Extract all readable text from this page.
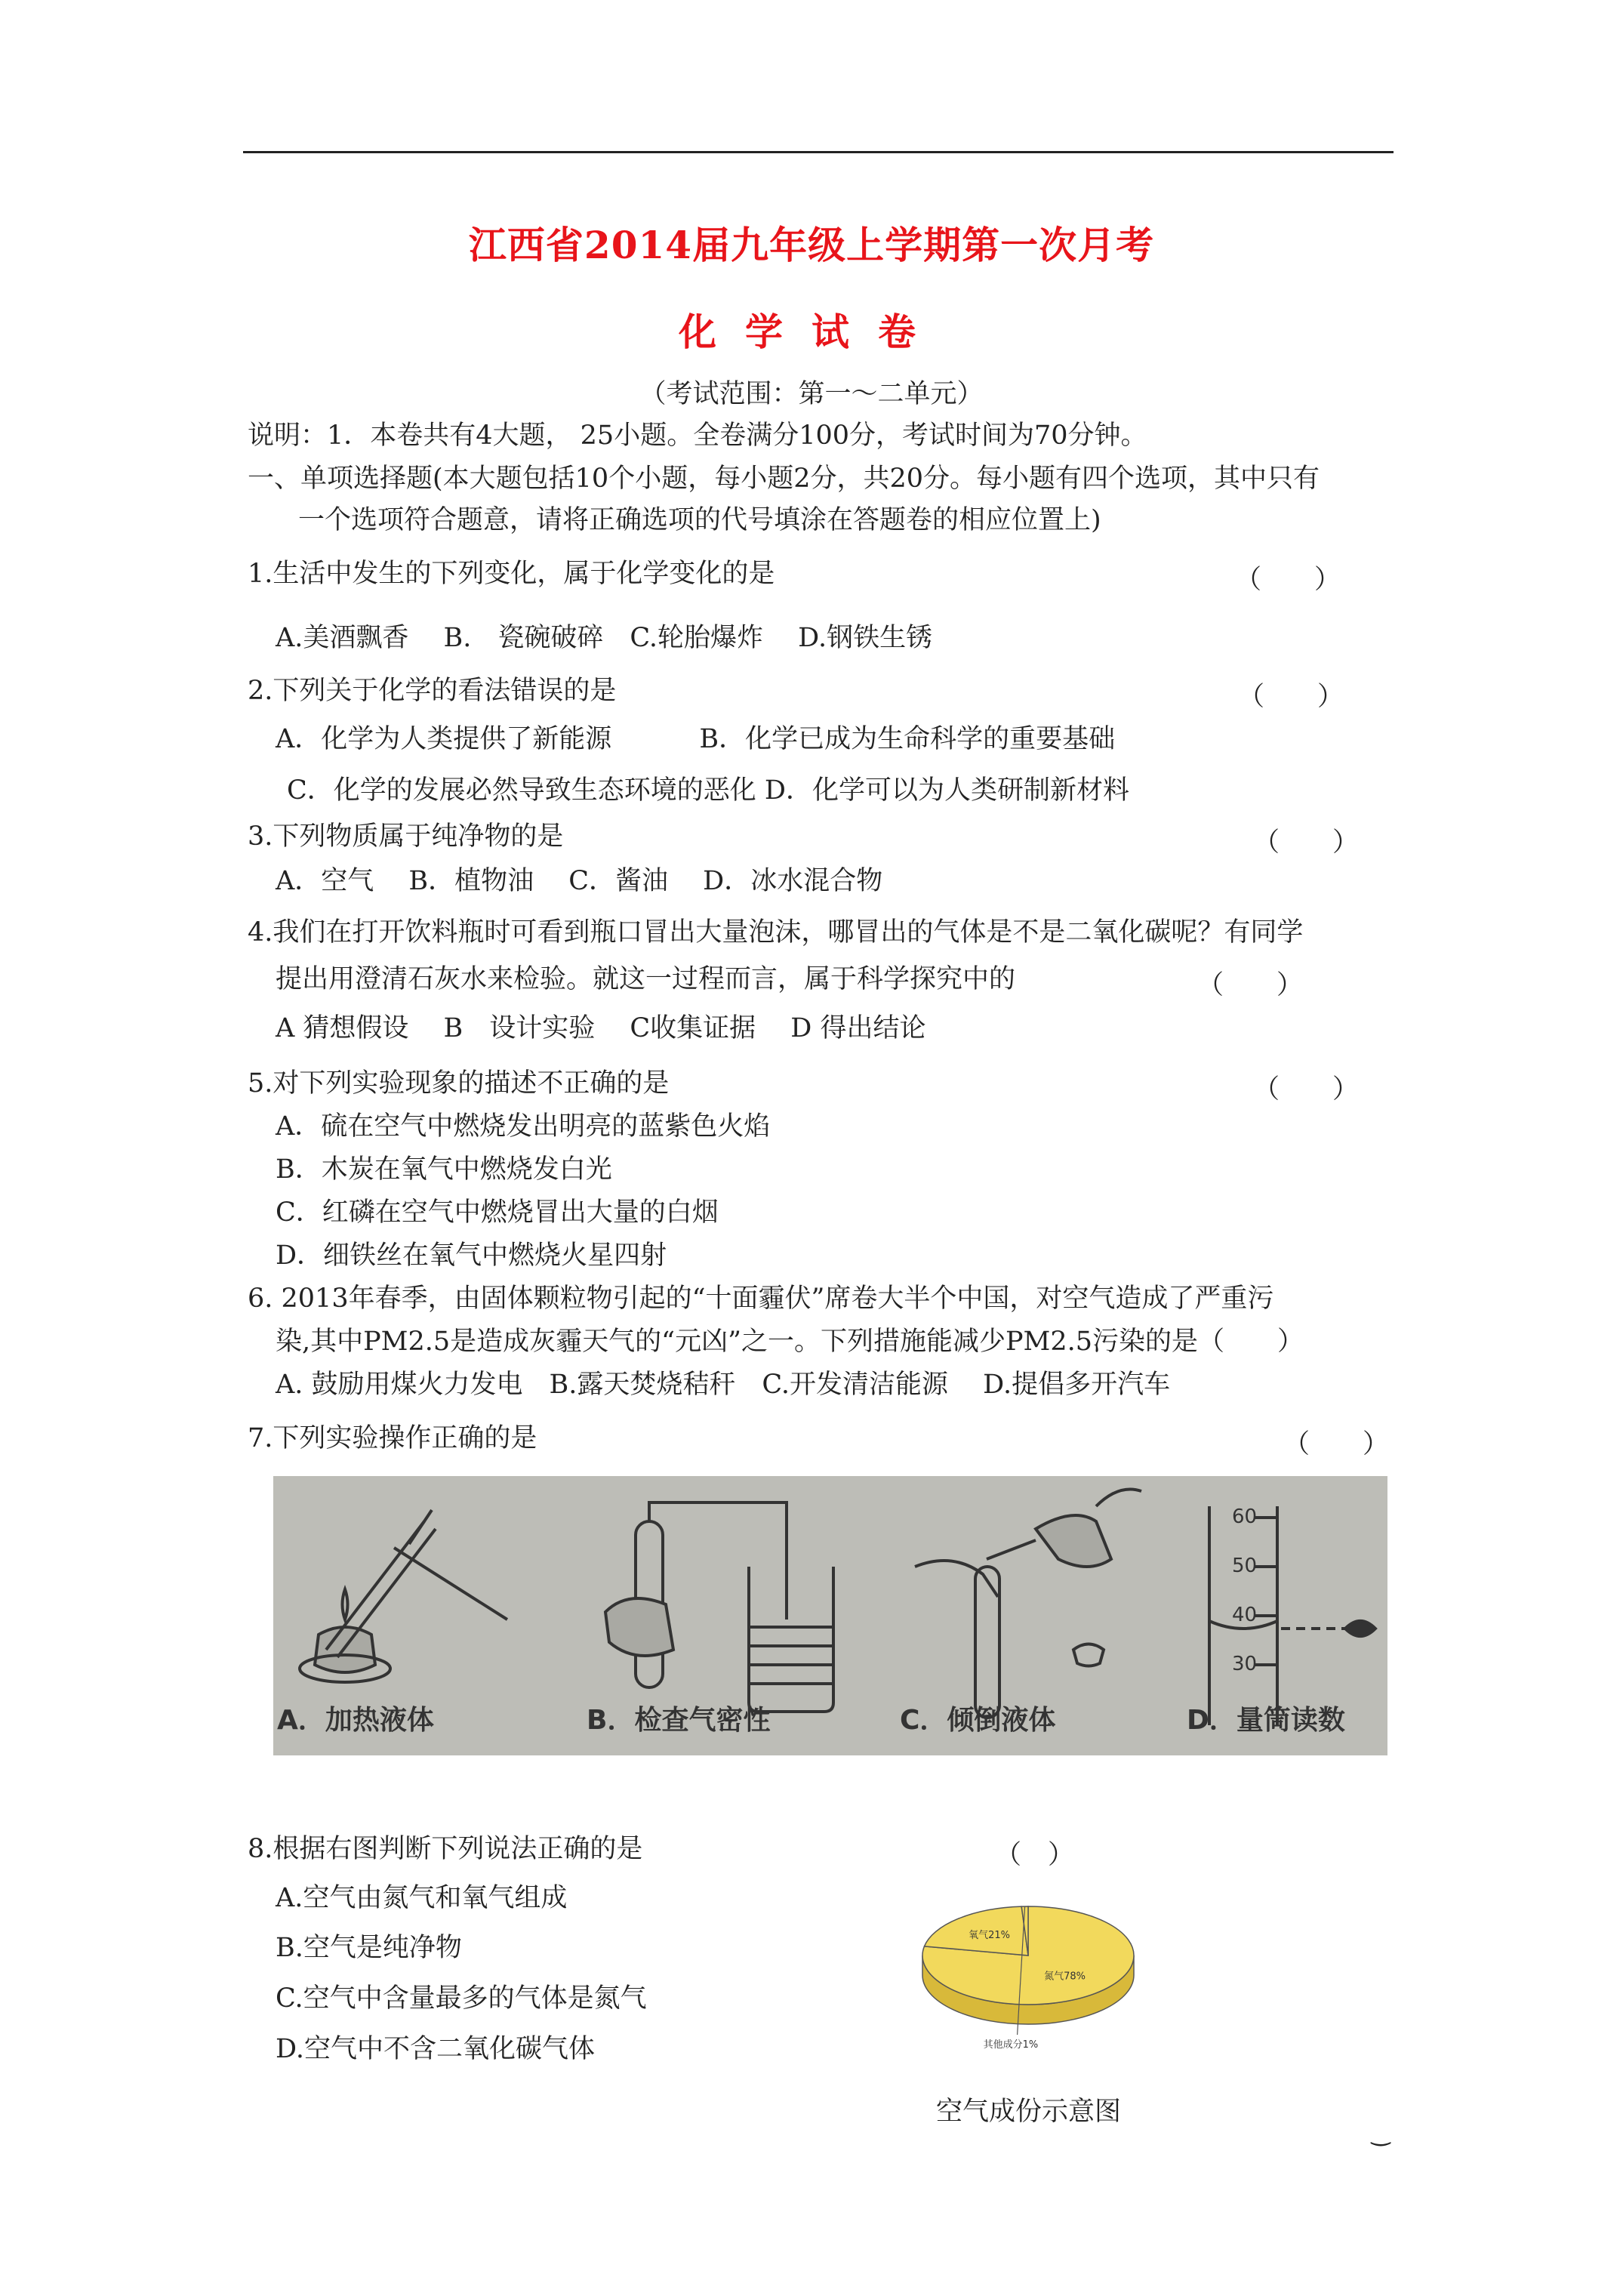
江西省2014届九年级上学期第一次月考
化学试卷
（考试范围：第一～二单元）
说明：1．本卷共有4大题， 25小题。全卷满分100分，考试时间为70分钟。
一、单项选择题(本大题包括10个小题，每小题2分，共20分。每小题有四个选项，其中只有
一个选项符合题意，请将正确选项的代号填涂在答题卷的相应位置上)
1.生活中发生的下列变化，属于化学变化的是	（　　）
A.美酒飘香　 B.　瓷碗破碎　C.轮胎爆炸　 D.钢铁生锈
2.下列关于化学的看法错误的是	（　　）
A．化学为人类提供了新能源　　　 B．化学已成为生命科学的重要基础
C．化学的发展必然导致生态环境的恶化 D．化学可以为人类研制新材料
3.下列物质属于纯净物的是	（　　）
A．空气　 B．植物油　 C．酱油　 D．冰水混合物
4.我们在打开饮料瓶时可看到瓶口冒出大量泡沫，哪冒出的气体是不是二氧化碳呢？有同学
提出用澄清石灰水来检验。就这一过程而言，属于科学探究中的	（　　）
A 猜想假设　 B　设计实验　 C收集证据　 D 得出结论
5.对下列实验现象的描述不正确的是	（　　）
A．硫在空气中燃烧发出明亮的蓝紫色火焰
B．木炭在氧气中燃烧发白光
C．红磷在空气中燃烧冒出大量的白烟
D．细铁丝在氧气中燃烧火星四射
6. 2013年春季，由固体颗粒物引起的“十面霾伏”席卷大半个中国，对空气造成了严重污
染,其中PM2.5是造成灰霾天气的“元凶”之一。下列措施能减少PM2.5污染的是（　　）
A. 鼓励用煤火力发电　B.露天焚烧秸秆　C.开发清洁能源　 D.提倡多开汽车
7.下列实验操作正确的是	（　　）
60
50
40
30
A．加热液体	B．检查气密性	C．倾倒液体	D．量筒读数
8.根据右图判断下列说法正确的是	（　）
A.空气由氮气和氧气组成
B.空气是纯净物
C.空气中含量最多的气体是氮气
D.空气中不含二氧化碳气体
氮气78%
氧气21%
其他成分1%
空气成份示意图
‿
